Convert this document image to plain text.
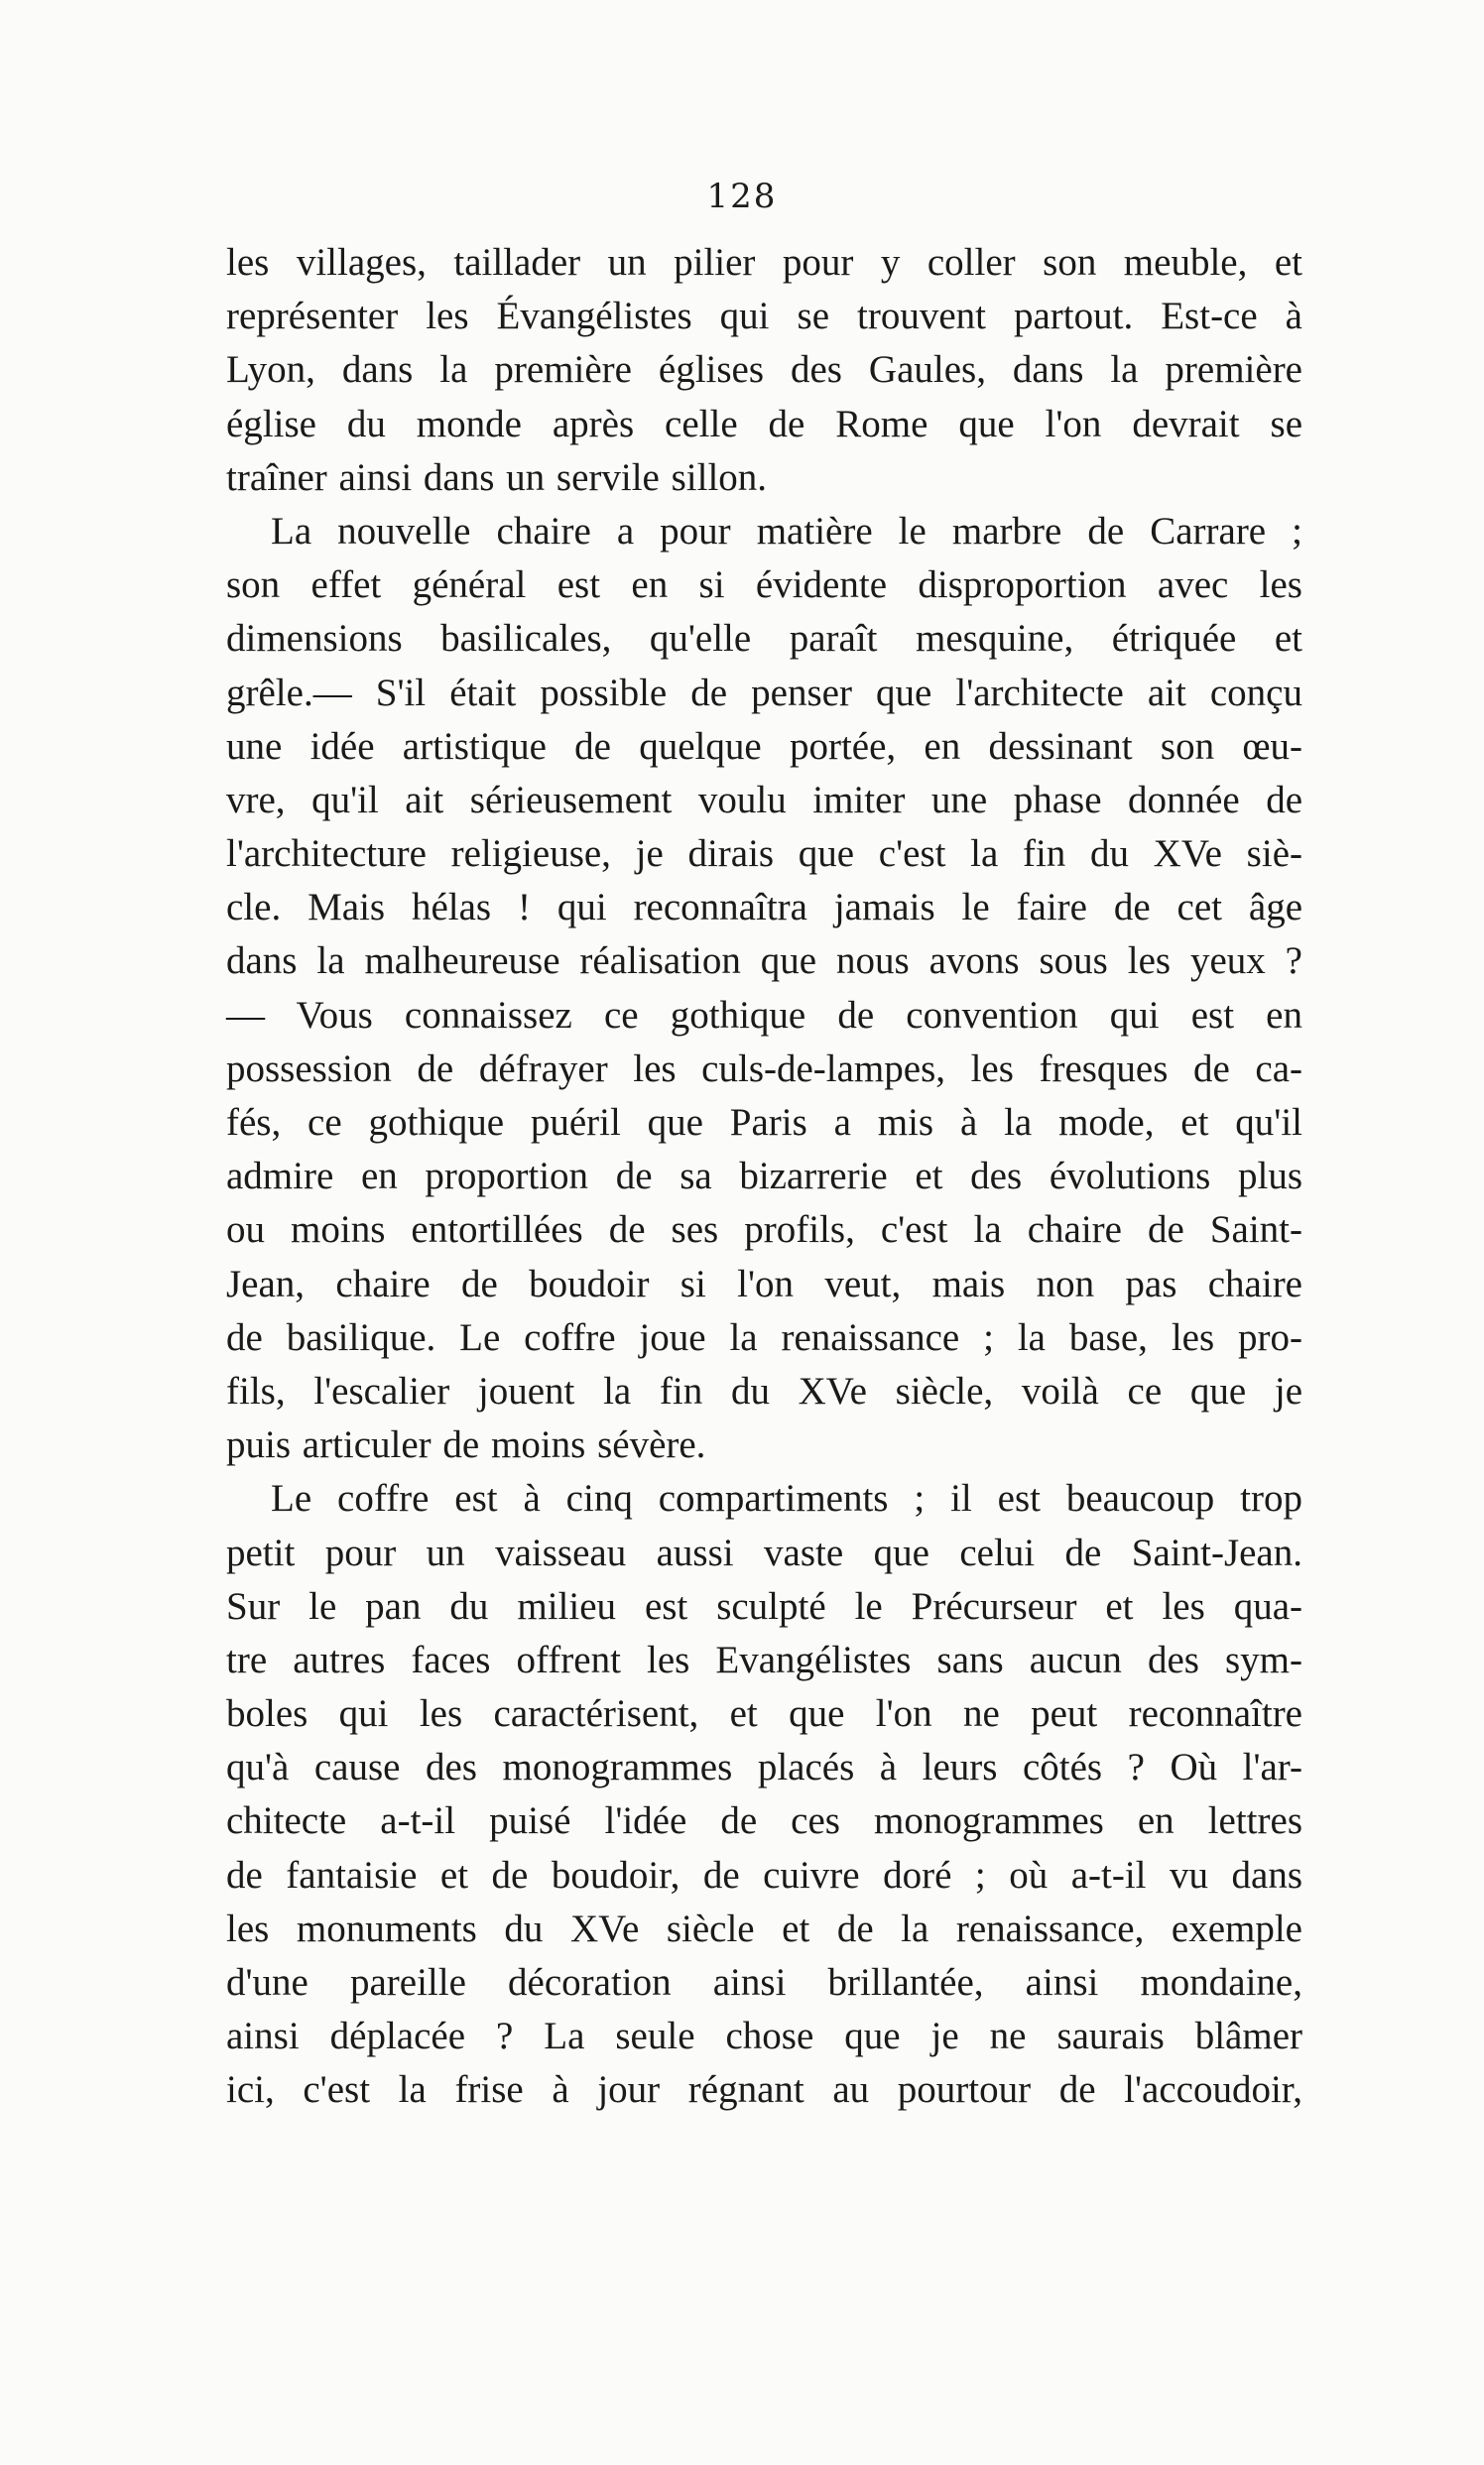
128
les villages, taillader un pilier pour y coller son meuble, et
représenter les Évangélistes qui se trouvent partout. Est-ce à
Lyon, dans la première églises des Gaules, dans la première
église du monde après celle de Rome que l'on devrait se
traîner ainsi dans un servile sillon.
La nouvelle chaire a pour matière le marbre de Carrare ;
son effet général est en si évidente disproportion avec les
dimensions basilicales, qu'elle paraît mesquine, étriquée et
grêle.— S'il était possible de penser que l'architecte ait conçu
une idée artistique de quelque portée, en dessinant son œu-
vre, qu'il ait sérieusement voulu imiter une phase donnée de
l'architecture religieuse, je dirais que c'est la fin du XVe siè-
cle. Mais hélas ! qui reconnaîtra jamais le faire de cet âge
dans la malheureuse réalisation que nous avons sous les yeux ?
— Vous connaissez ce gothique de convention qui est en
possession de défrayer les culs-de-lampes, les fresques de ca-
fés, ce gothique puéril que Paris a mis à la mode, et qu'il
admire en proportion de sa bizarrerie et des évolutions plus
ou moins entortillées de ses profils, c'est la chaire de Saint-
Jean, chaire de boudoir si l'on veut, mais non pas chaire
de basilique. Le coffre joue la renaissance ; la base, les pro-
fils, l'escalier jouent la fin du XVe siècle, voilà ce que je
puis articuler de moins sévère.
Le coffre est à cinq compartiments ; il est beaucoup trop
petit pour un vaisseau aussi vaste que celui de Saint-Jean.
Sur le pan du milieu est sculpté le Précurseur et les qua-
tre autres faces offrent les Evangélistes sans aucun des sym-
boles qui les caractérisent, et que l'on ne peut reconnaître
qu'à cause des monogrammes placés à leurs côtés ? Où l'ar-
chitecte a-t-il puisé l'idée de ces monogrammes en lettres
de fantaisie et de boudoir, de cuivre doré ; où a-t-il vu dans
les monuments du XVe siècle et de la renaissance, exemple
d'une pareille décoration ainsi brillantée, ainsi mondaine,
ainsi déplacée ? La seule chose que je ne saurais blâmer
ici, c'est la frise à jour régnant au pourtour de l'accoudoir,
